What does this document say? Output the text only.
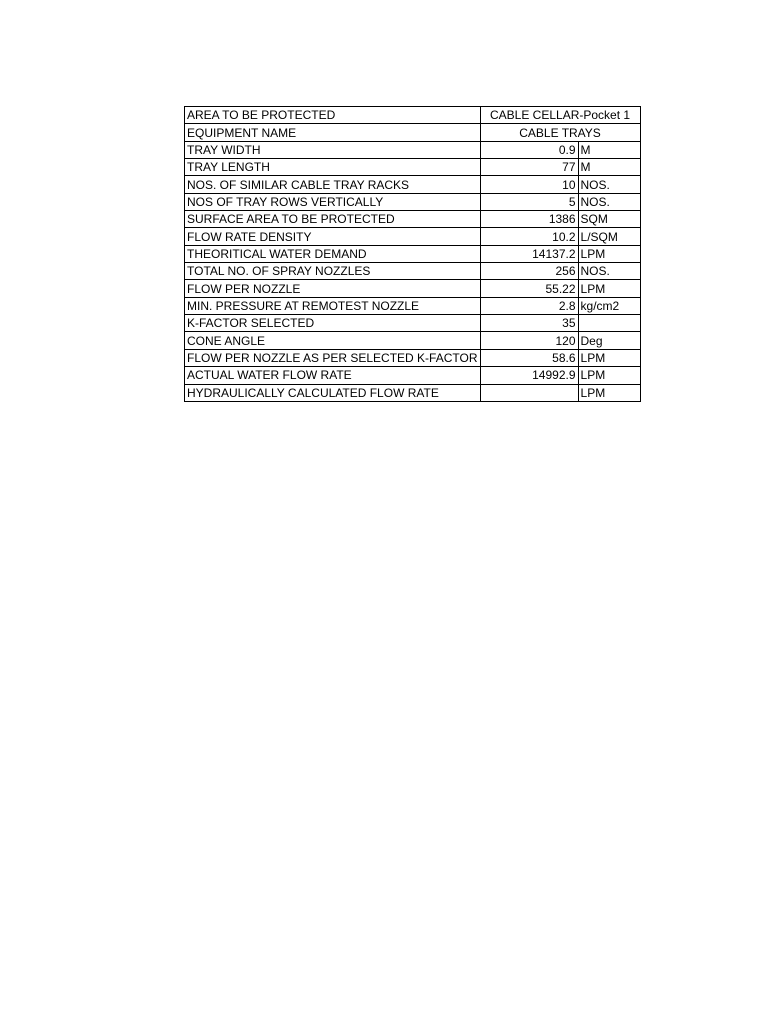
AREA TO BE PROTECTED	CABLE CELLAR-Pocket 1	
EQUIPMENT NAME	CABLE TRAYS	
TRAY WIDTH	0.9	M
TRAY LENGTH	77	M
NOS. OF SIMILAR CABLE TRAY RACKS	10	NOS.
NOS OF TRAY ROWS VERTICALLY	5	NOS.
SURFACE AREA TO BE PROTECTED	1386	SQM
FLOW RATE DENSITY	10.2	L/SQM
THEORITICAL WATER DEMAND	14137.2	LPM
TOTAL NO. OF SPRAY NOZZLES	256	NOS.
FLOW PER NOZZLE	55.22	LPM
MIN. PRESSURE AT REMOTEST NOZZLE	2.8	kg/cm2
K-FACTOR SELECTED	35	
CONE ANGLE	120	Deg
FLOW PER NOZZLE AS PER SELECTED K-FACTOR	58.6	LPM
ACTUAL WATER FLOW RATE	14992.9	LPM
HYDRAULICALLY CALCULATED FLOW RATE		LPM
